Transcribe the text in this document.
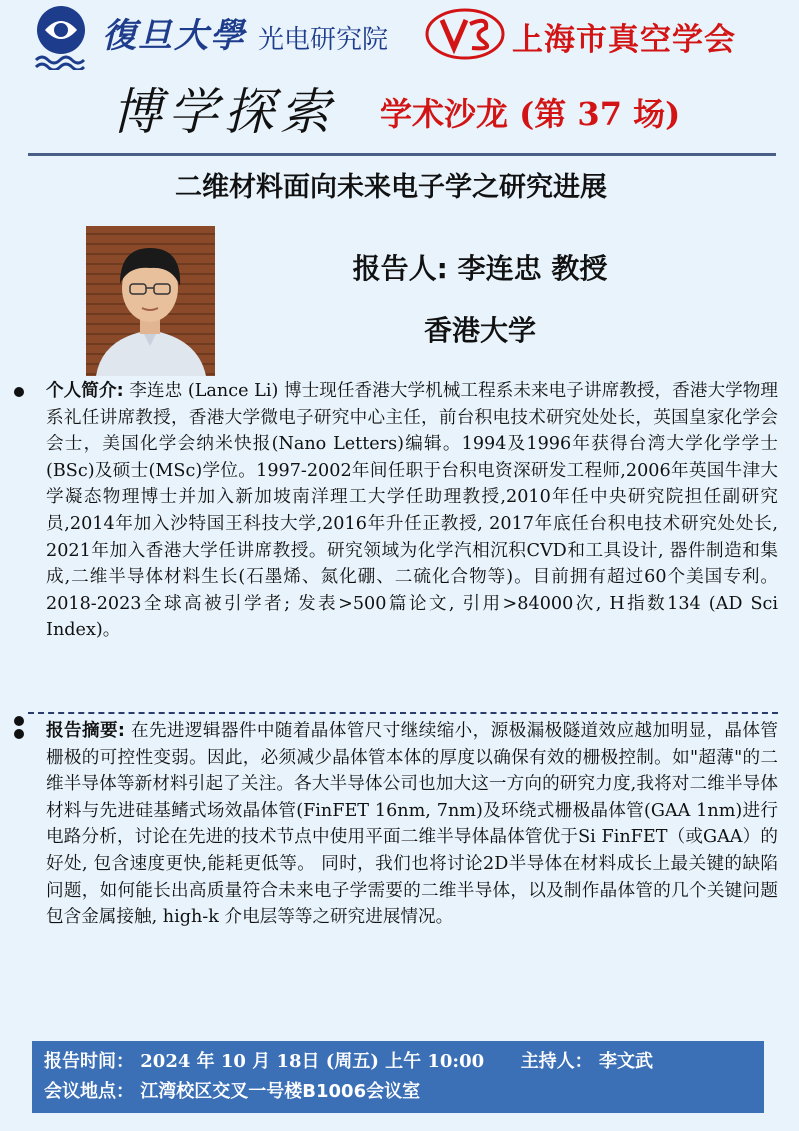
復旦大學 光电研究院	上海市真空学会
博学探索 学术沙龙 (第 37 场)
二维材料面向未来电子学之研究进展
报告人: 李连忠 教授
香港大学
个人简介: 李连忠 (Lance Li) 博士现任香港大学机械工程系未来电子讲席教授，香港大学物理系礼任讲席教授，香港大学微电子研究中心主任，前台积电技术研究处处长，英国皇家化学会会士，美国化学会纳米快报(Nano Letters)编辑。1994及1996年获得台湾大学化学学士(BSc)及硕士(MSc)学位。1997-2002年间任职于台积电资深研发工程师,2006年英国牛津大学凝态物理博士并加入新加坡南洋理工大学任助理教授,2010年任中央研究院担任副研究员,2014年加入沙特国王科技大学,2016年升任正教授, 2017年底任台积电技术研究处处长, 2021年加入香港大学任讲席教授。研究领域为化学汽相沉积CVD和工具设计, 器件制造和集成,二维半导体材料生长(石墨烯、氮化硼、二硫化合物等)。目前拥有超过60个美国专利。2018-2023全球高被引学者; 发表>500篇论文, 引用>84000次, H指数134 (AD Sci Index)。
报告摘要: 在先进逻辑器件中随着晶体管尺寸继续缩小，源极漏极隧道效应越加明显，晶体管栅极的可控性变弱。因此，必须减少晶体管本体的厚度以确保有效的栅极控制。如"超薄"的二维半导体等新材料引起了关注。各大半导体公司也加大这一方向的研究力度,我将对二维半导体材料与先进硅基鳍式场效晶体管(FinFET 16nm, 7nm)及环绕式栅极晶体管(GAA 1nm)进行电路分析，讨论在先进的技术节点中使用平面二维半导体晶体管优于Si FinFET（或GAA）的好处, 包含速度更快,能耗更低等。 同时，我们也将讨论2D半导体在材料成长上最关键的缺陷问题，如何能长出高质量符合未来电子学需要的二维半导体，以及制作晶体管的几个关键问题包含金属接触, high-k 介电层等等之研究进展情况。
报告时间： 2024 年 10 月 18日 (周五) 上午 10:00 主持人： 李文武
会议地点： 江湾校区交叉一号楼B1006会议室
